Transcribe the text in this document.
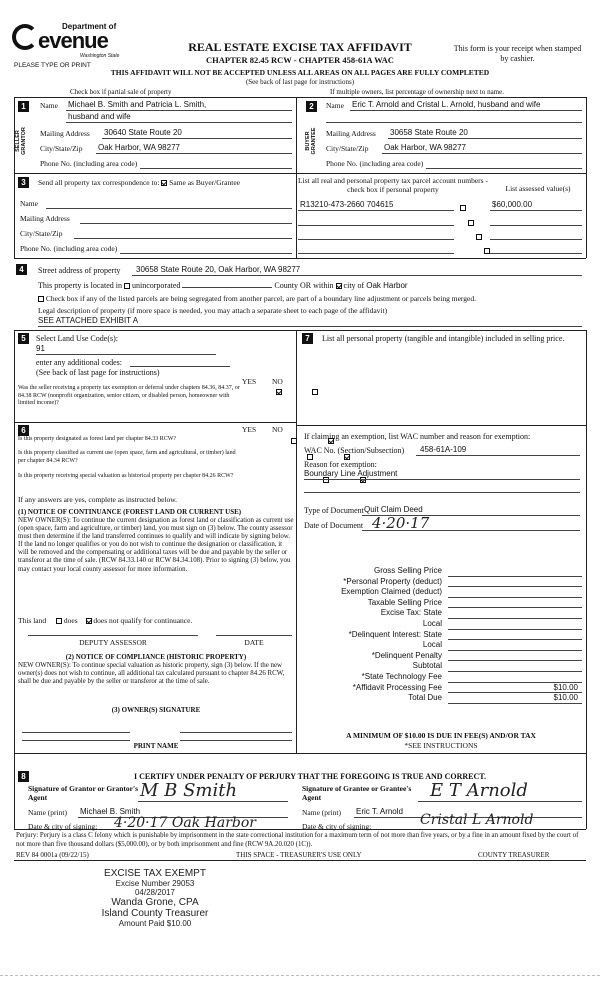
Department of
evenue
Washington State
PLEASE TYPE OR PRINT
REAL ESTATE EXCISE TAX AFFIDAVIT
CHAPTER 82.45 RCW - CHAPTER 458-61A WAC
This form is your receipt when stamped by cashier.
THIS AFFIDAVIT WILL NOT BE ACCEPTED UNLESS ALL AREAS ON ALL PAGES ARE FULLY COMPLETED
(See back of last page for instructions)
Check box if partial sale of property	If multiple owners, list percentage of ownership next to name.
1
SELLER GRANTOR
Name Michael B. Smith and Patricia L. Smith,
husband and wife
Mailing Address 30640 State Route 20
City/State/Zip Oak Harbor, WA 98277
Phone No. (including area code)
2
BUYER GRANTEE
Name Eric T. Arnold and Cristal L. Arnold, husband and wife
Mailing Address 30658 State Route 20
City/State/Zip Oak Harbor, WA 98277
Phone No. (including area code)
3	Send all property tax correspondence to: Same as Buyer/Grantee
Name
Mailing Address
City/State/Zip
Phone No. (including area code)
List all real and personal property tax parcel account numbers - check box if personal property	List assessed value(s)
R13210-473-2660 704615	$60,000.00

4	Street address of property 30658 State Route 20, Oak Harbor, WA 98277
This property is located in unincorporated	County OR within city of Oak Harbor
Check box if any of the listed parcels are being segregated from another parcel, are part of a boundary line adjustment or parcels being merged.
Legal description of property (if more space is needed, you may attach a separate sheet to each page of the affidavit)
SEE ATTACHED EXHIBIT A
5	Select Land Use Code(s):
91
enter any additional codes:
(See back of last page for instructions)
YES NO
Was the seller receiving a property tax exemption or deferral under chapters 84.36, 84.37, or 84.38 RCW (nonprofit organization, senior citizen, or disabled person, homeowner with limited income)?

6	YES NO
Is this property designated as forest land per chapter 84.33 RCW?

Is this property classified as current use (open space, farm and agricultural, or timber) land per chapter 84.34 RCW?

Is this property receiving special valuation as historical property per chapter 84.26 RCW?

If any answers are yes, complete as instructed below.
(1) NOTICE OF CONTINUANCE (FOREST LAND OR CURRENT USE)
NEW OWNER(S): To continue the current designation as forest land or classification as current use (open space, farm and agriculture, or timber) land, you must sign on (3) below. The county assessor must then determine if the land transferred continues to qualify and will indicate by signing below. If the land no longer qualifies or you do not wish to continue the designation or classification, it will be removed and the compensating or additional taxes will be due and payable by the seller or transferor at the time of sale. (RCW 84.33.140 or RCW 84.34.108). Prior to signing (3) below, you may contact your local county assessor for more information.
This land does does not qualify for continuance.
DEPUTY ASSESSOR	DATE
(2) NOTICE OF COMPLIANCE (HISTORIC PROPERTY)
NEW OWNER(S): To continue special valuation as historic property, sign (3) below. If the new owner(s) does not wish to continue, all additional tax calculated pursuant to chapter 84.26 RCW, shall be due and payable by the seller or transferor at the time of sale.
(3) OWNER(S) SIGNATURE
PRINT NAME
7	List all personal property (tangible and intangible) included in selling price.
If claiming an exemption, list WAC number and reason for exemption:
WAC No. (Section/Subsection) 458-61A-109
Reason for exemption:
Boundary Line Adjustment
Type of Document Quit Claim Deed
Date of Document 4·20·17
Gross Selling Price
*Personal Property (deduct)
Exemption Claimed (deduct)
Taxable Selling Price
Excise Tax: State
Local
*Delinquent Interest: State
Local
*Delinquent Penalty
Subtotal
*State Technology Fee
*Affidavit Processing Fee	$10.00
Total Due	$10.00
A MINIMUM OF $10.00 IS DUE IN FEE(S) AND/OR TAX
*SEE INSTRUCTIONS
8	I CERTIFY UNDER PENALTY OF PERJURY THAT THE FOREGOING IS TRUE AND CORRECT.
Signature of Grantor or Grantor's Agent	M B Smith
Name (print) Michael B. Smith
Date & city of signing: 4·20·17 Oak Harbor
Signature of Grantee or Grantee's Agent	E T Arnold
Name (print) Eric T. Arnold
Date & city of signing:	Cristal L Arnold
Perjury: Perjury is a class C felony which is punishable by imprisonment in the state correctional institution for a maximum term of not more than five years, or by a fine in an amount fixed by the court of not more than five thousand dollars ($5,000.00), or by both imprisonment and fine (RCW 9A.20.020 (1C)).
REV 84 0001a (09/22/15)	THIS SPACE - TREASURER'S USE ONLY	COUNTY TREASURER
EXCISE TAX EXEMPT
Excise Number 29053
04/28/2017
Wanda Grone, CPA
Island County Treasurer
Amount Paid $10.00
